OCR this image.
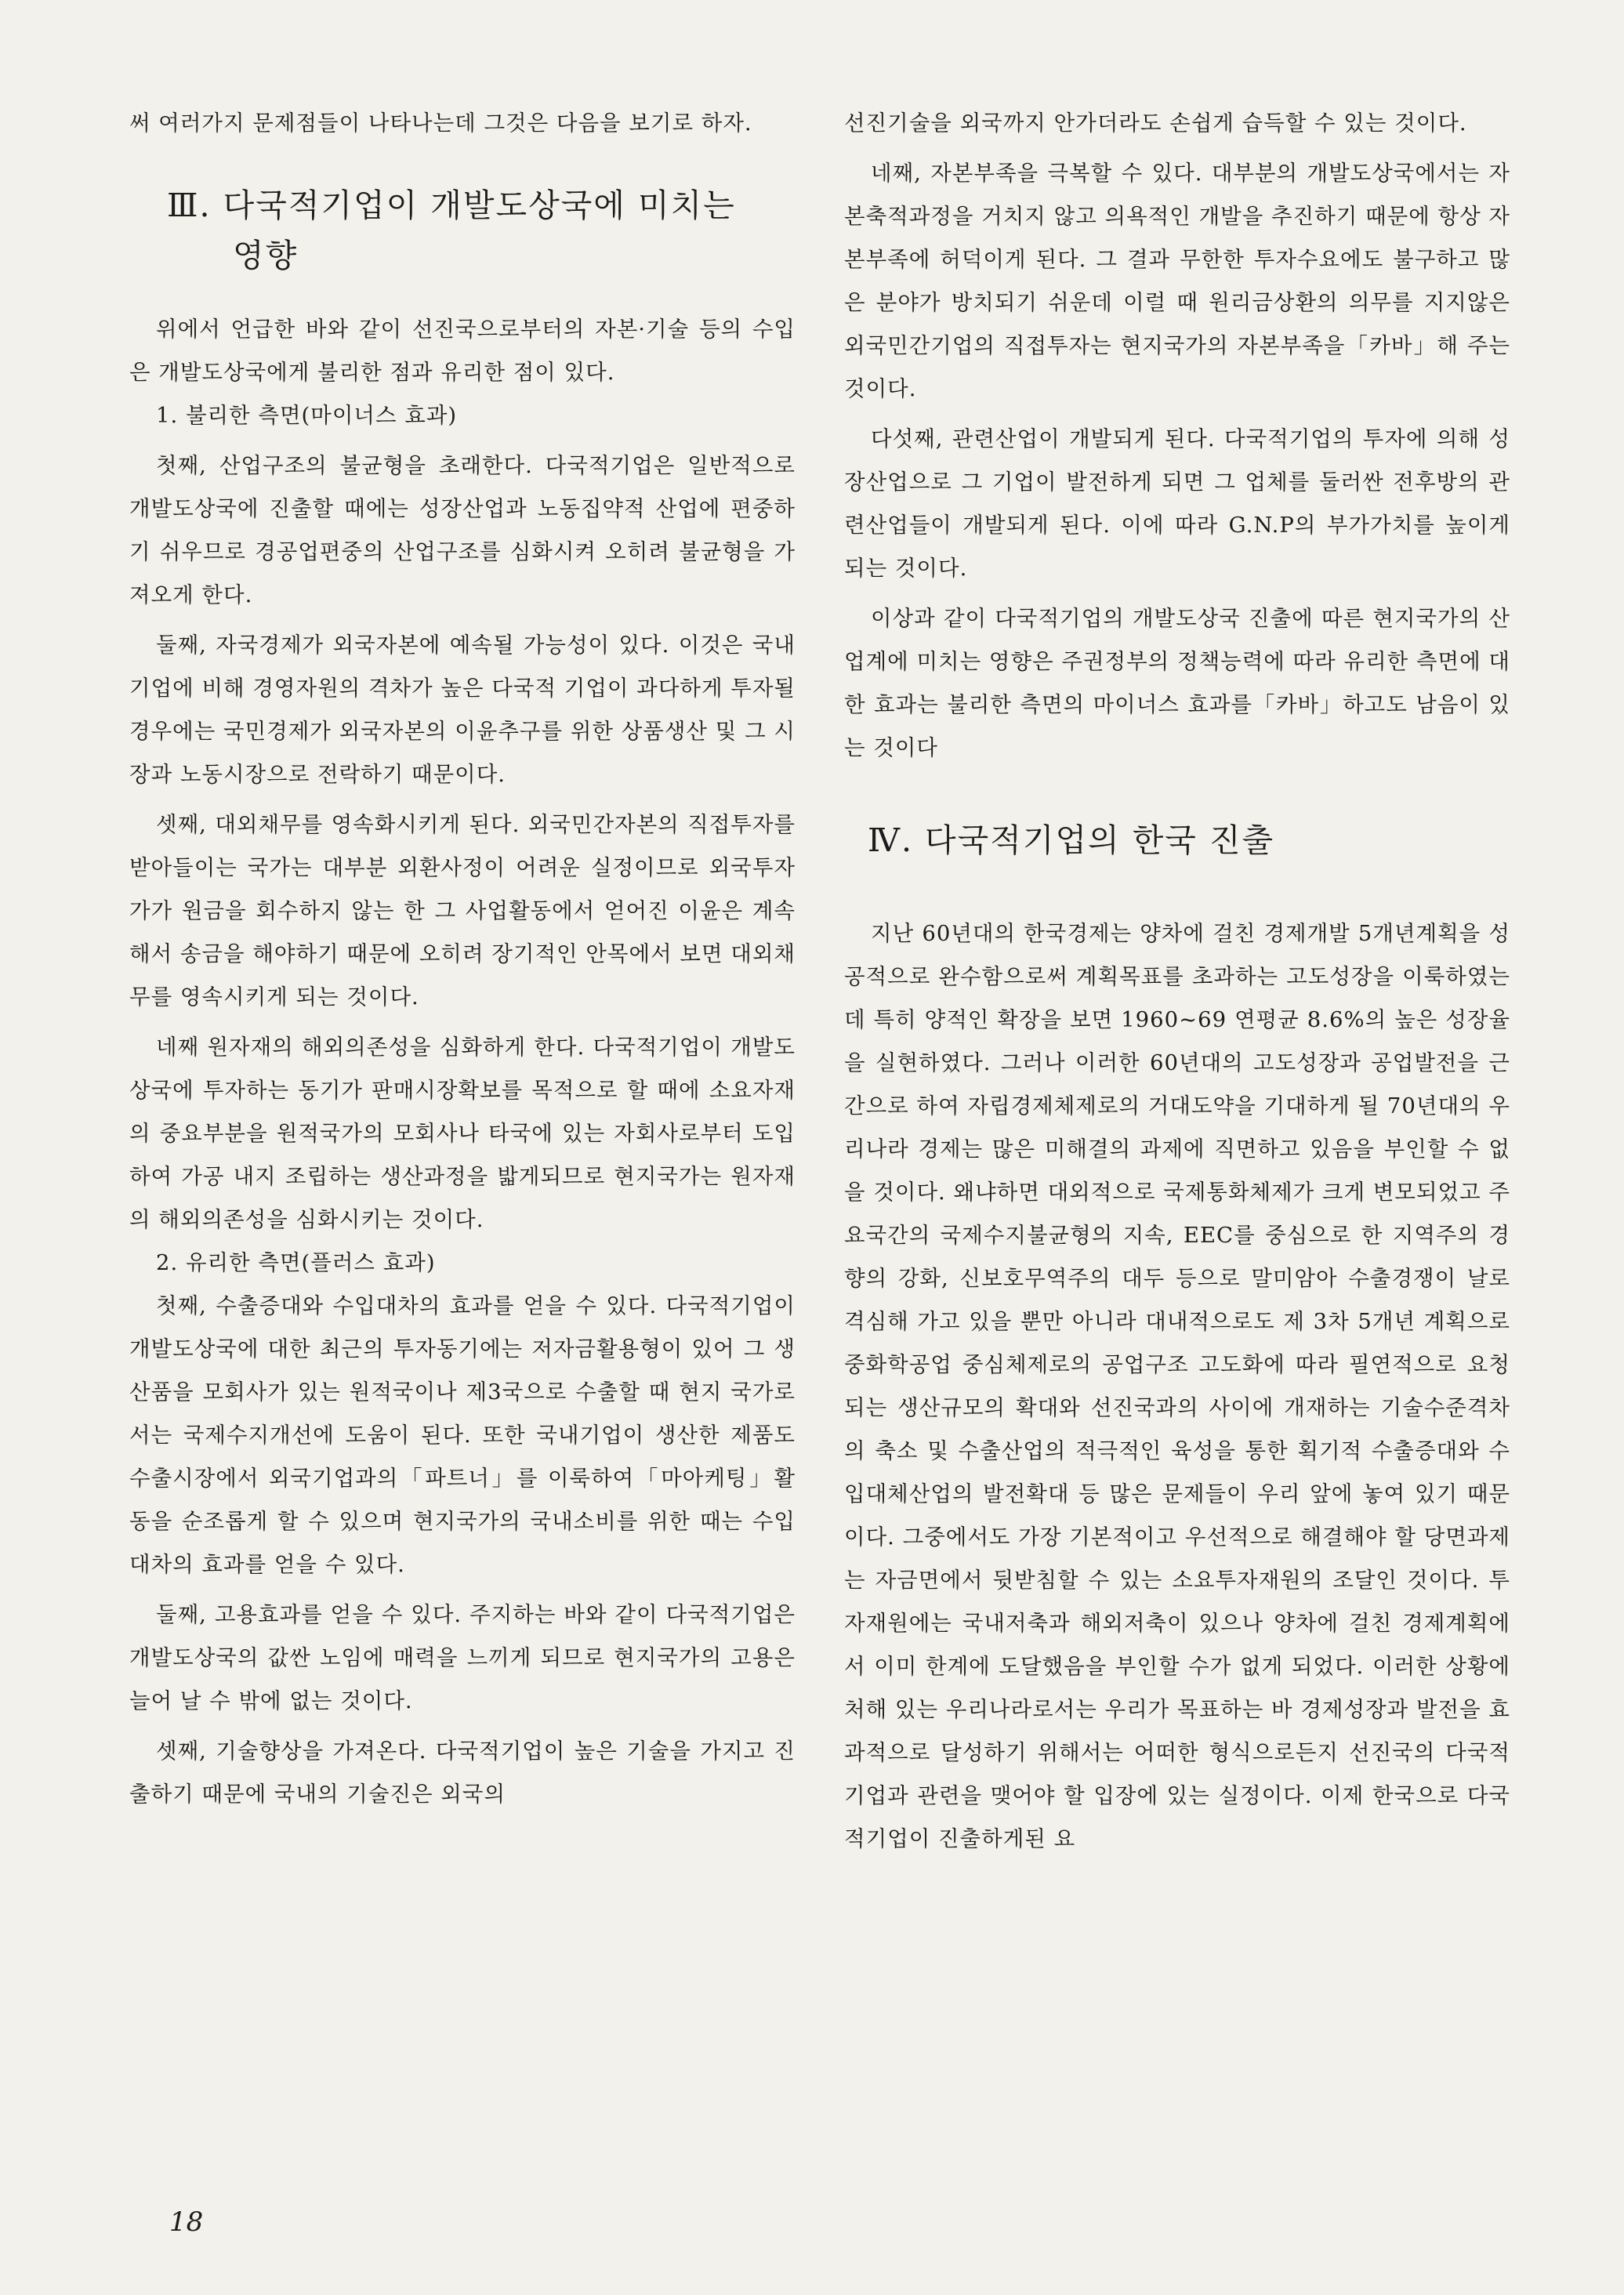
써 여러가지 문제점들이 나타나는데 그것은 다음을 보기로 하자.

Ⅲ. 다국적기업이 개발도상국에 미치는
영향

위에서 언급한 바와 같이 선진국으로부터의 자본·기술 등의 수입은 개발도상국에게 불리한 점과 유리한 점이 있다.

1. 불리한 측면(마이너스 효과)

첫째, 산업구조의 불균형을 초래한다. 다국적기업은 일반적으로 개발도상국에 진출할 때에는 성장산업과 노동집약적 산업에 편중하기 쉬우므로 경공업편중의 산업구조를 심화시켜 오히려 불균형을 가져오게 한다.

둘째, 자국경제가 외국자본에 예속될 가능성이 있다. 이것은 국내기업에 비해 경영자원의 격차가 높은 다국적 기업이 과다하게 투자될 경우에는 국민경제가 외국자본의 이윤추구를 위한 상품생산 및 그 시장과 노동시장으로 전락하기 때문이다.

셋째, 대외채무를 영속화시키게 된다. 외국민간자본의 직접투자를 받아들이는 국가는 대부분 외환사정이 어려운 실정이므로 외국투자가가 원금을 회수하지 않는 한 그 사업활동에서 얻어진 이윤은 계속해서 송금을 해야하기 때문에 오히려 장기적인 안목에서 보면 대외채무를 영속시키게 되는 것이다.

네째 원자재의 해외의존성을 심화하게 한다. 다국적기업이 개발도상국에 투자하는 동기가 판매시장확보를 목적으로 할 때에 소요자재의 중요부분을 원적국가의 모회사나 타국에 있는 자회사로부터 도입하여 가공 내지 조립하는 생산과정을 밟게되므로 현지국가는 원자재의 해외의존성을 심화시키는 것이다.

2. 유리한 측면(플러스 효과)

첫째, 수출증대와 수입대차의 효과를 얻을 수 있다. 다국적기업이 개발도상국에 대한 최근의 투자동기에는 저자금활용형이 있어 그 생산품을 모회사가 있는 원적국이나 제3국으로 수출할 때 현지 국가로서는 국제수지개선에 도움이 된다. 또한 국내기업이 생산한 제품도 수출시장에서 외국기업과의「파트너」를 이룩하여「마아케팅」활동을 순조롭게 할 수 있으며 현지국가의 국내소비를 위한 때는 수입대차의 효과를 얻을 수 있다.

둘째, 고용효과를 얻을 수 있다. 주지하는 바와 같이 다국적기업은 개발도상국의 값싼 노임에 매력을 느끼게 되므로 현지국가의 고용은 늘어 날 수 밖에 없는 것이다.

셋째, 기술향상을 가져온다. 다국적기업이 높은 기술을 가지고 진출하기 때문에 국내의 기술진은 외국의

선진기술을 외국까지 안가더라도 손쉽게 습득할 수 있는 것이다.

네째, 자본부족을 극복할 수 있다. 대부분의 개발도상국에서는 자본축적과정을 거치지 않고 의욕적인 개발을 추진하기 때문에 항상 자본부족에 허덕이게 된다. 그 결과 무한한 투자수요에도 불구하고 많은 분야가 방치되기 쉬운데 이럴 때 원리금상환의 의무를 지지않은 외국민간기업의 직접투자는 현지국가의 자본부족을「카바」해 주는 것이다.

다섯째, 관련산업이 개발되게 된다. 다국적기업의 투자에 의해 성장산업으로 그 기업이 발전하게 되면 그 업체를 둘러싼 전후방의 관련산업들이 개발되게 된다. 이에 따라 G.N.P의 부가가치를 높이게 되는 것이다.

이상과 같이 다국적기업의 개발도상국 진출에 따른 현지국가의 산업계에 미치는 영향은 주권정부의 정책능력에 따라 유리한 측면에 대한 효과는 불리한 측면의 마이너스 효과를「카바」하고도 남음이 있는 것이다

Ⅳ. 다국적기업의 한국 진출

지난 60년대의 한국경제는 양차에 걸친 경제개발 5개년계획을 성공적으로 완수함으로써 계획목표를 초과하는 고도성장을 이룩하였는데 특히 양적인 확장을 보면 1960~69 연평균 8.6%의 높은 성장율을 실현하였다. 그러나 이러한 60년대의 고도성장과 공업발전을 근간으로 하여 자립경제체제로의 거대도약을 기대하게 될 70년대의 우리나라 경제는 많은 미해결의 과제에 직면하고 있음을 부인할 수 없을 것이다. 왜냐하면 대외적으로 국제통화체제가 크게 변모되었고 주요국간의 국제수지불균형의 지속, EEC를 중심으로 한 지역주의 경향의 강화, 신보호무역주의 대두 등으로 말미암아 수출경쟁이 날로 격심해 가고 있을 뿐만 아니라 대내적으로도 제 3차 5개년 계획으로 중화학공업 중심체제로의 공업구조 고도화에 따라 필연적으로 요청되는 생산규모의 확대와 선진국과의 사이에 개재하는 기술수준격차의 축소 및 수출산업의 적극적인 육성을 통한 획기적 수출증대와 수입대체산업의 발전확대 등 많은 문제들이 우리 앞에 놓여 있기 때문이다. 그중에서도 가장 기본적이고 우선적으로 해결해야 할 당면과제는 자금면에서 뒷받침할 수 있는 소요투자재원의 조달인 것이다. 투자재원에는 국내저축과 해외저축이 있으나 양차에 걸친 경제계획에서 이미 한계에 도달했음을 부인할 수가 없게 되었다. 이러한 상황에 처해 있는 우리나라로서는 우리가 목표하는 바 경제성장과 발전을 효과적으로 달성하기 위해서는 어떠한 형식으로든지 선진국의 다국적기업과 관련을 맺어야 할 입장에 있는 실정이다. 이제 한국으로 다국적기업이 진출하게된 요

18
